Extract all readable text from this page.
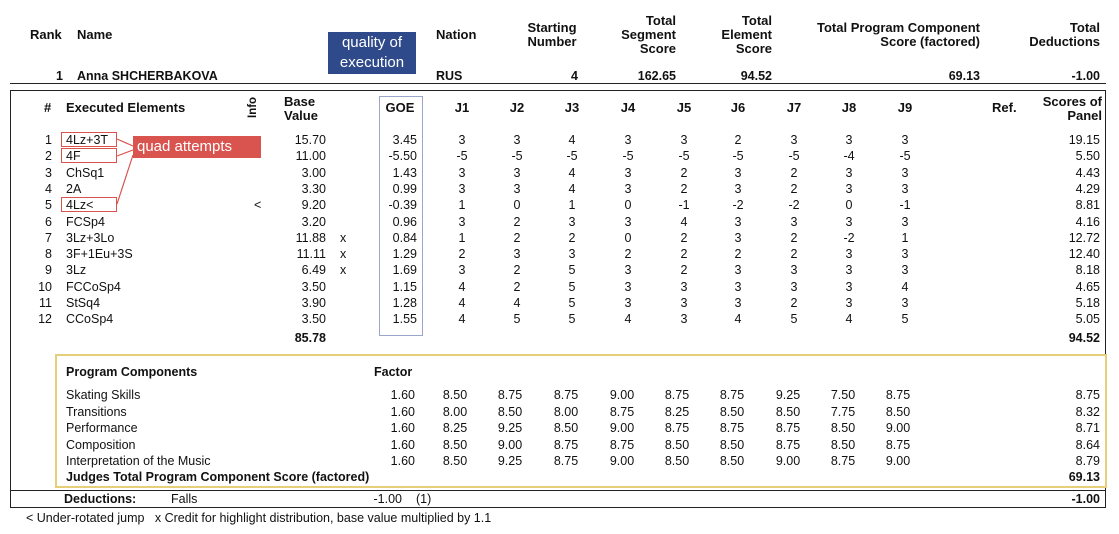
Rank Name	Nation	Starting
Number
Total
Segment
Score
Total
Element
Score
Total Program Component
Score (factored)
Total
Deductions
1 Anna SHCHERBAKOVA	RUS	4	162.65	94.52	69.13	-1.00
# Executed Elements	Info Base
Value
GOE	J1	J2	J3	J4	J5	J6	J7	J8	J9	Ref.	Scores of
Panel
1 4Lz+3T	15.70	3.45	3	3	4	3	3	2	3	3	3	19.15
2 4F	11.00	-5.50	-5	-5	-5	-5	-5	-5	-5	-4	-5	5.50
3 ChSq1	3.00	1.43	3	3	4	3	2	3	2	3	3	4.43
4 2A	3.30	0.99	3	3	4	3	2	3	2	3	3	4.29
5 4Lz<	<	9.20	-0.39	1	0	1	0	-1	-2	-2	0	-1	8.81
6 FCSp4	3.20	0.96	3	2	3	3	4	3	3	3	3	4.16
7 3Lz+3Lo	11.88 x	0.84	1	2	2	0	2	3	2	-2	1	12.72
8 3F+1Eu+3S	11.11 x	1.29	2	3	3	2	2	2	2	3	3	12.40
9 3Lz	6.49 x	1.69	3	2	5	3	2	3	3	3	3	8.18
10 FCCoSp4	3.50	1.15	4	2	5	3	3	3	3	3	4	4.65
11 StSq4	3.90	1.28	4	4	5	3	3	3	2	3	3	5.18
12 CCoSp4	3.50	1.55	4	5	5	4	3	4	5	4	5	5.05
85.78	94.52
quality of
execution
quad attempts
Program Components	Factor
Skating Skills	1.60	8.50	8.75	8.75	9.00	8.75	8.75	9.25	7.50	8.75	8.75
Transitions	1.60	8.00	8.50	8.00	8.75	8.25	8.50	8.50	7.75	8.50	8.32
Performance	1.60	8.25	9.25	8.50	9.00	8.75	8.75	8.75	8.50	9.00	8.71
Composition	1.60	8.50	9.00	8.75	8.75	8.50	8.50	8.75	8.50	8.75	8.64
Interpretation of the Music	1.60	8.50	9.25	8.75	9.00	8.50	8.50	9.00	8.75	9.00	8.79
Judges Total Program Component Score (factored)	69.13
Deductions:	Falls	-1.00 (1)	-1.00
< Under-rotated jump   x Credit for highlight distribution, base value multiplied by 1.1
